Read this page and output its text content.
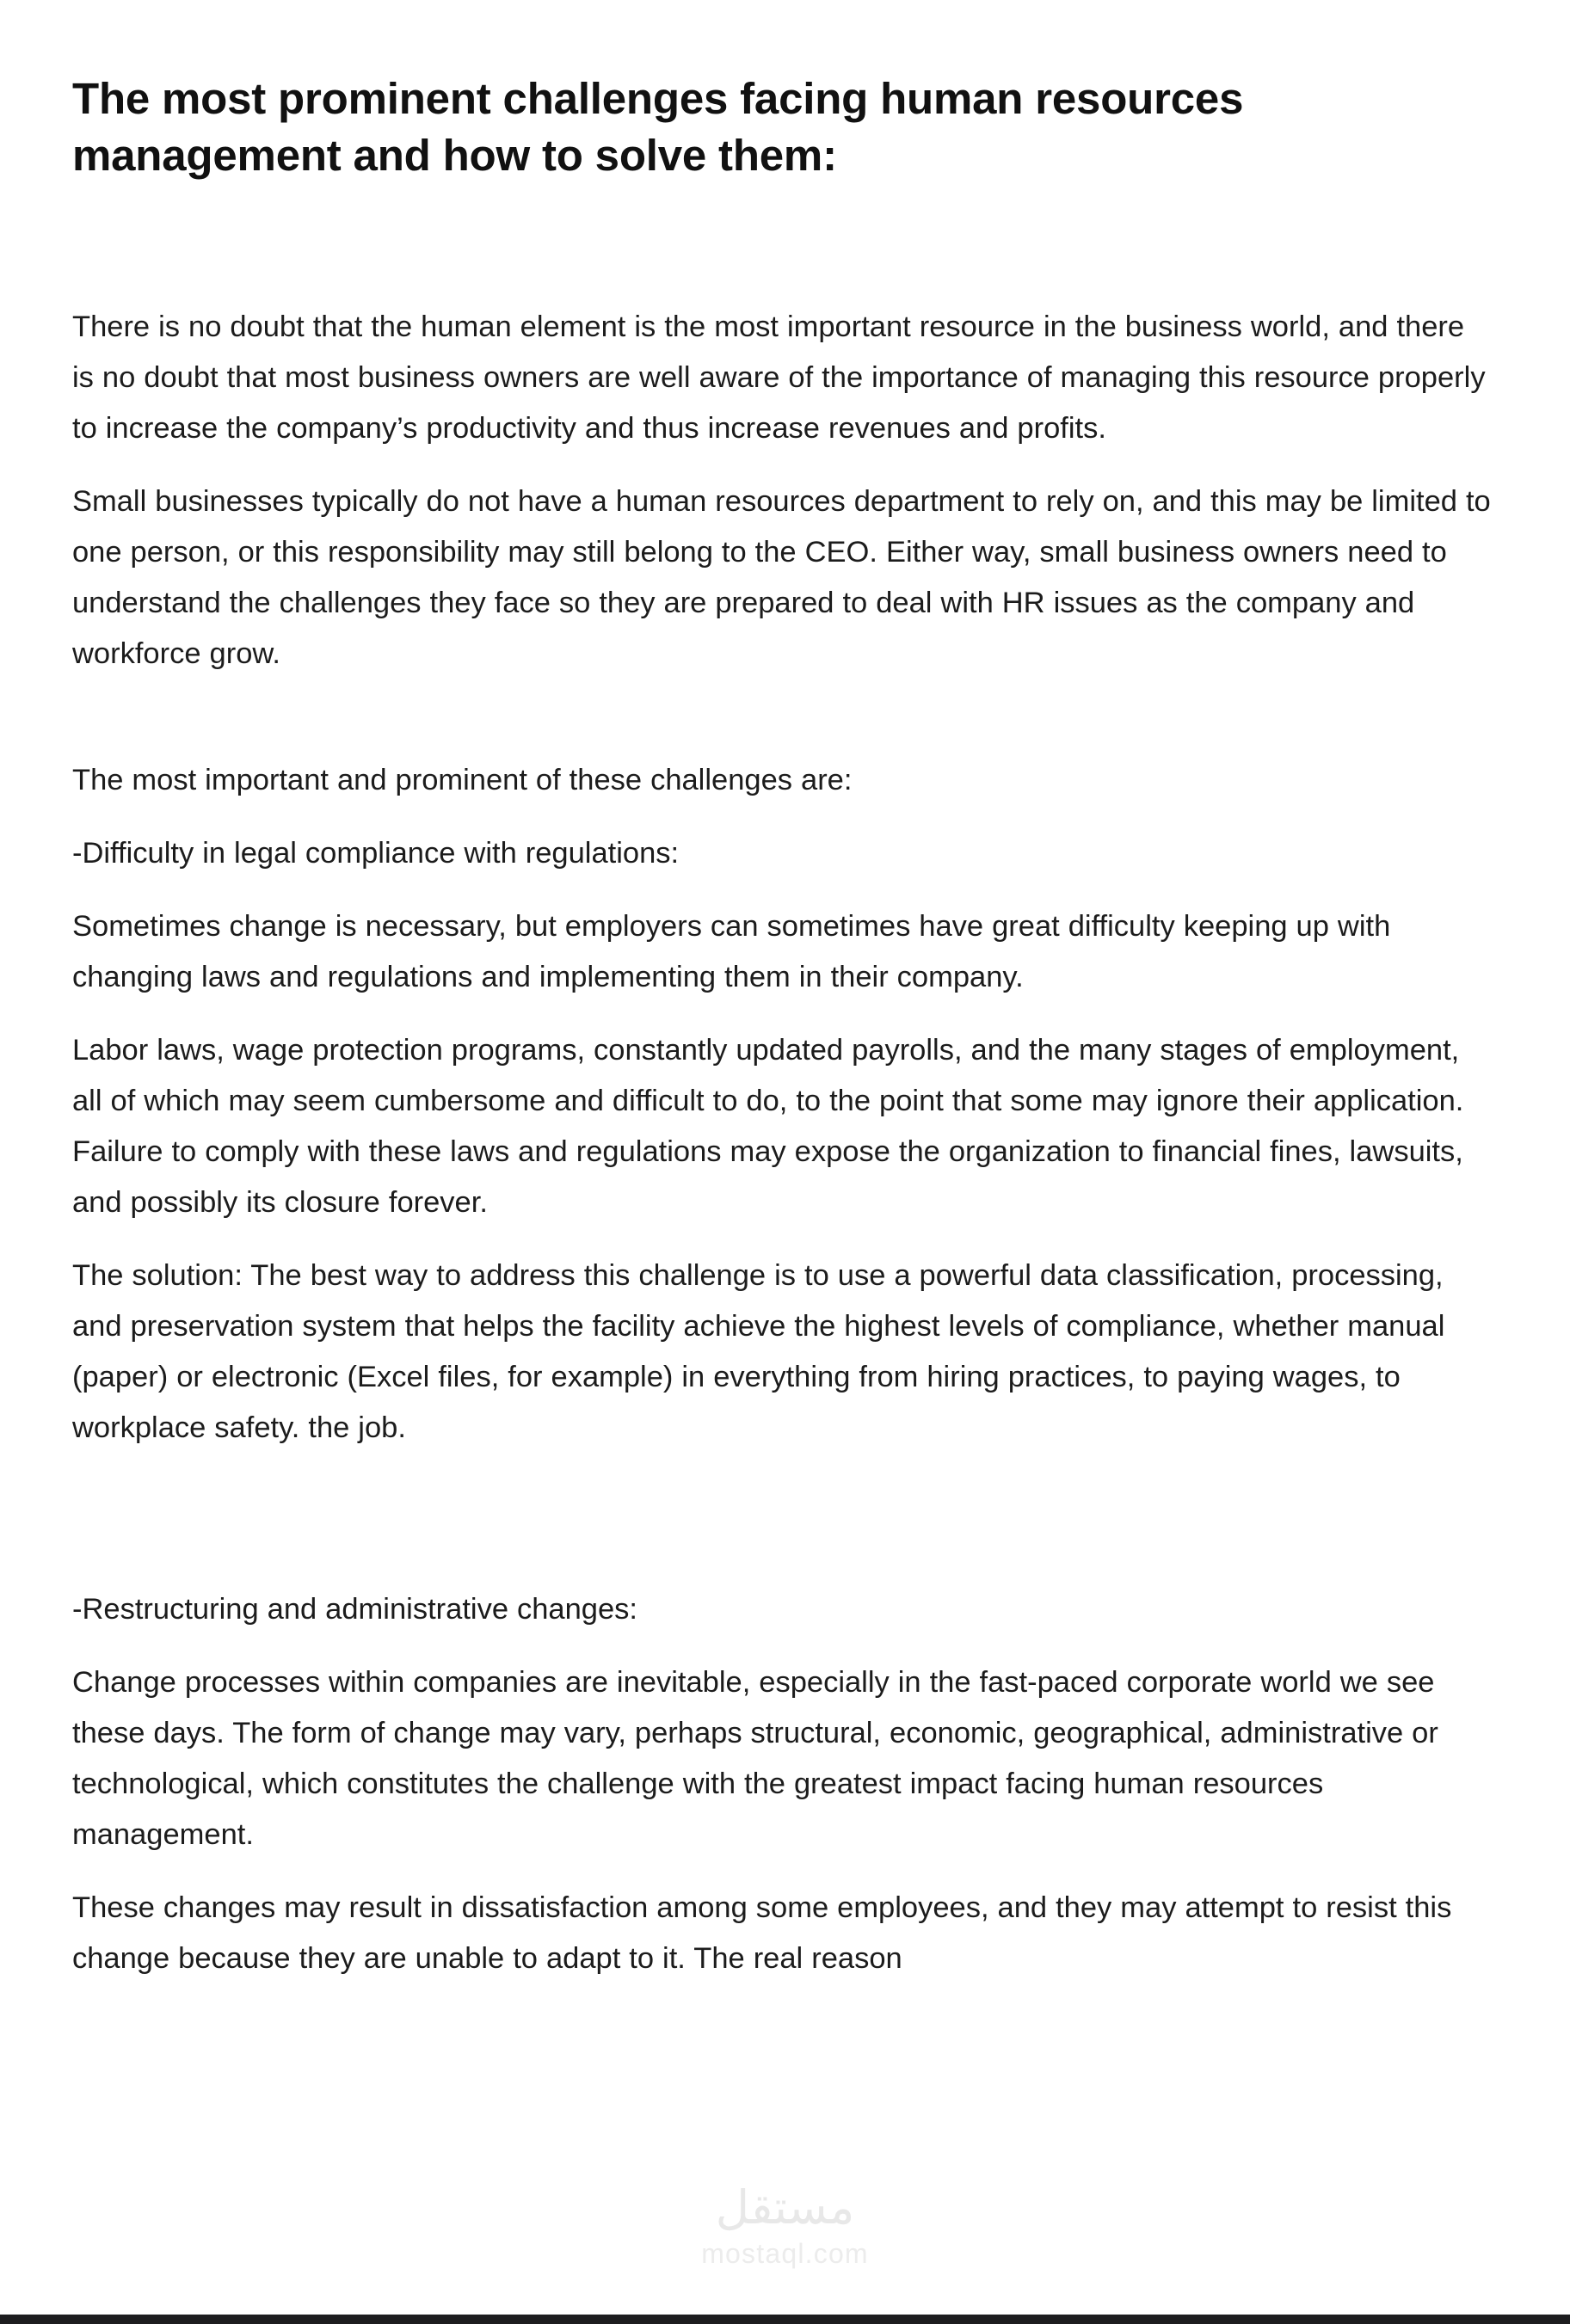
The most prominent challenges facing human resources management and how to solve them:

There is no doubt that the human element is the most important resource in the business world, and there is no doubt that most business owners are well aware of the importance of managing this resource properly to increase the company’s productivity and thus increase revenues and profits.

Small businesses typically do not have a human resources department to rely on, and this may be limited to one person, or this responsibility may still belong to the CEO. Either way, small business owners need to understand the challenges they face so they are prepared to deal with HR issues as the company and workforce grow.

The most important and prominent of these challenges are:

-Difficulty in legal compliance with regulations:

Sometimes change is necessary, but employers can sometimes have great difficulty keeping up with changing laws and regulations and implementing them in their company.

Labor laws, wage protection programs, constantly updated payrolls, and the many stages of employment, all of which may seem cumbersome and difficult to do, to the point that some may ignore their application. Failure to comply with these laws and regulations may expose the organization to financial fines, lawsuits, and possibly its closure forever.

The solution: The best way to address this challenge is to use a powerful data classification, processing, and preservation system that helps the facility achieve the highest levels of compliance, whether manual (paper) or electronic (Excel files, for example) in everything from hiring practices, to paying wages, to workplace safety. the job.

-Restructuring and administrative changes:

Change processes within companies are inevitable, especially in the fast-paced corporate world we see these days. The form of change may vary, perhaps structural, economic, geographical, administrative or technological, which constitutes the challenge with the greatest impact facing human resources management.

These changes may result in dissatisfaction among some employees, and they may attempt to resist this change because they are unable to adapt to it. The real reason

مستقل
mostaql.com
